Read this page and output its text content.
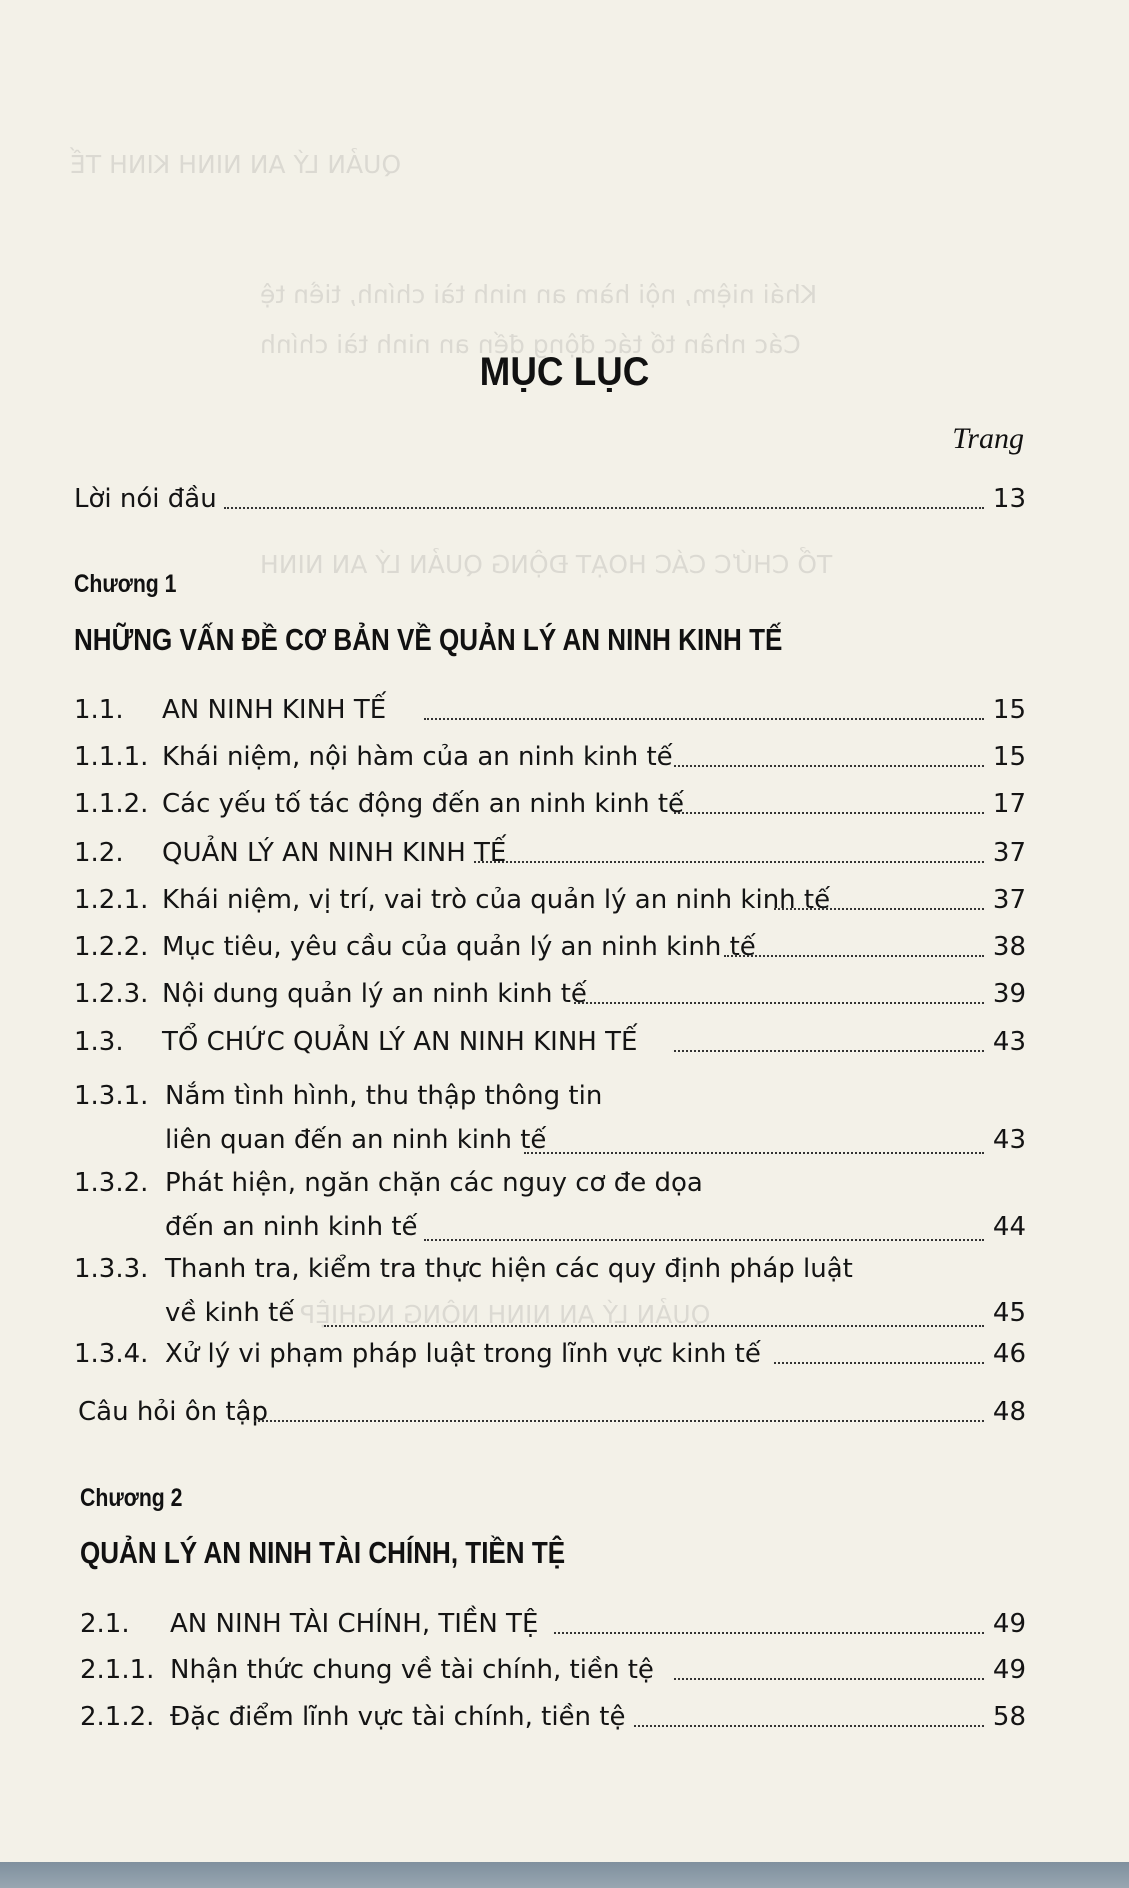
QUẢN LÝ AN NINH KINH TẾ
Khái niệm, nội hàm an ninh tài chính, tiền tệ
Các nhân tố tác động đến an ninh tài chính
TỔ CHỨC CÁC HOẠT ĐỘNG QUẢN LÝ AN NINH
QUẢN LÝ AN NINH NÔNG NGHIỆP
MỤC LỤC
Trang
Lời nói đầu	13
Chương 1
NHỮNG VẤN ĐỀ CƠ BẢN VỀ QUẢN LÝ AN NINH KINH TẾ
1.1. AN NINH KINH TẾ	15
1.1.1. Khái niệm, nội hàm của an ninh kinh tế	15
1.1.2. Các yếu tố tác động đến an ninh kinh tế	17
1.2. QUẢN LÝ AN NINH KINH TẾ	37
1.2.1. Khái niệm, vị trí, vai trò của quản lý an ninh kinh tế	37
1.2.2. Mục tiêu, yêu cầu của quản lý an ninh kinh tế	38
1.2.3. Nội dung quản lý an ninh kinh tế	39
1.3. TỔ CHỨC QUẢN LÝ AN NINH KINH TẾ	43
1.3.1. Nắm tình hình, thu thập thông tin
liên quan đến an ninh kinh tế	43
1.3.2. Phát hiện, ngăn chặn các nguy cơ đe dọa
đến an ninh kinh tế	44
1.3.3. Thanh tra, kiểm tra thực hiện các quy định pháp luật
về kinh tế	45
1.3.4. Xử lý vi phạm pháp luật trong lĩnh vực kinh tế	46
Câu hỏi ôn tập	48
Chương 2
QUẢN LÝ AN NINH TÀI CHÍNH, TIỀN TỆ
2.1. AN NINH TÀI CHÍNH, TIỀN TỆ	49
2.1.1. Nhận thức chung về tài chính, tiền tệ	49
2.1.2. Đặc điểm lĩnh vực tài chính, tiền tệ	58
